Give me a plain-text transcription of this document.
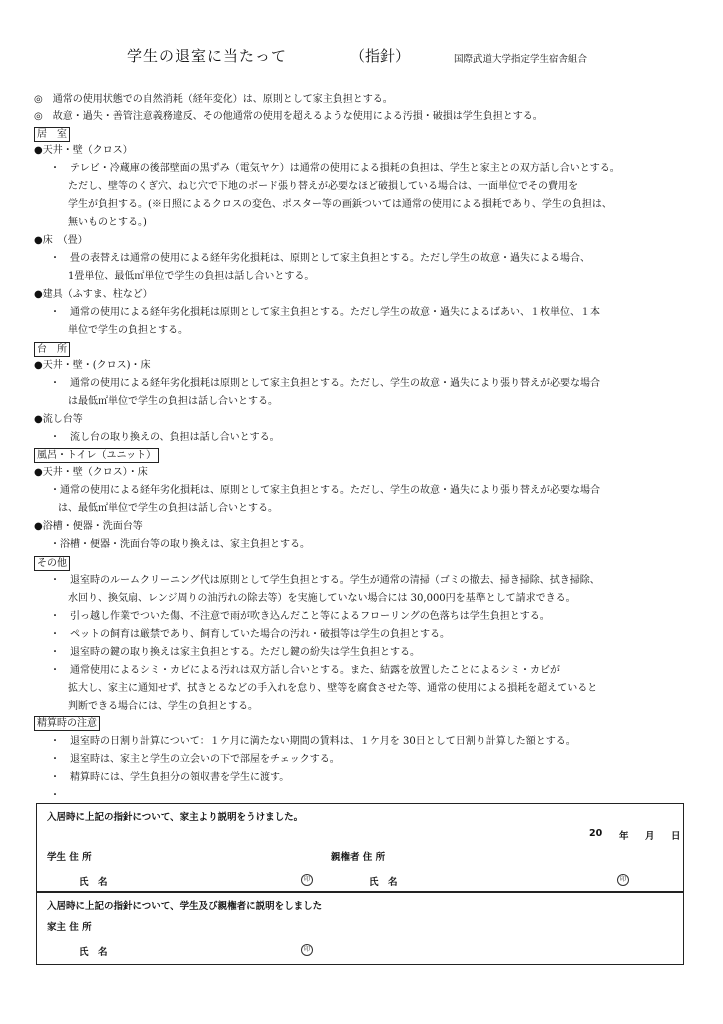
学生の退室に当たって	（指針）	国際武道大学指定学生宿舎組合
◎　通常の使用状態での自然消耗（経年変化）は、原則として家主負担とする。
◎　故意・過失・善管注意義務違反、その他通常の使用を超えるような使用による汚損・破損は学生負担とする。
居　室
●天井・壁（クロス）
・　テレビ・冷蔵庫の後部壁面の黒ずみ（電気ヤケ）は通常の使用による損耗の負担は、学生と家主との双方話し合いとする。
ただし、壁等のくぎ穴、ねじ穴で下地のボード張り替えが必要なほど破損している場合は、一面単位でその費用を
学生が負担する。(※日照によるクロスの変色、ポスター等の画鋲ついては通常の使用による損耗であり、学生の負担は、
無いものとする。)
●床　（畳）
・　畳の表替えは通常の使用による経年劣化損耗は、原則として家主負担とする。ただし学生の故意・過失による場合、
1畳単位、最低㎡単位で学生の負担は話し合いとする。
●建具（ふすま、柱など）
・　通常の使用による経年劣化損耗は原則として家主負担とする。ただし学生の故意・過失によるばあい、１枚単位、１本
単位で学生の負担とする。
台　所
●天井・壁・(クロス)・床
・　通常の使用による経年劣化損耗は原則として家主負担とする。ただし、学生の故意・過失により張り替えが必要な場合
は最低㎡単位で学生の負担は話し合いとする。
●流し台等
・　流し台の取り換えの、負担は話し合いとする。
風呂・トイレ（ユニット）
●天井・壁（クロス）・床
・通常の使用による経年劣化損耗は、原則として家主負担とする。ただし、学生の故意・過失により張り替えが必要な場合
は、最低㎡単位で学生の負担は話し合いとする。
●浴槽・便器・洗面台等
・浴槽・便器・洗面台等の取り換えは、家主負担とする。
その他
・　退室時のルームクリーニング代は原則として学生負担とする。学生が通常の清掃（ゴミの撤去、掃き掃除、拭き掃除、
水回り、換気扇、レンジ周りの油汚れの除去等）を実施していない場合には 30,000円を基準として請求できる。
・　引っ越し作業でついた傷、不注意で雨が吹き込んだこと等によるフローリングの色落ちは学生負担とする。
・　ペットの飼育は厳禁であり、飼育していた場合の汚れ・破損等は学生の負担とする。
・　退室時の鍵の取り換えは家主負担とする。ただし鍵の紛失は学生負担とする。
・　通常使用によるシミ・カビによる汚れは双方話し合いとする。また、結露を放置したことによるシミ・カビが
拡大し、家主に通知せず、拭きとるなどの手入れを怠り、壁等を腐食させた等、通常の使用による損耗を超えていると
判断できる場合には、学生の負担とする。
精算時の注意
・　退室時の日割り計算について：１ケ月に満たない期間の賃料は、１ケ月を 30日として日割り計算した額とする。
・　退室時は、家主と学生の立会いの下で部屋をチェックする。
・　精算時には、学生負担分の領収書を学生に渡す。
・
入居時に上記の指針について、家主より説明をうけました。
20 年 月 日
学生 住 所	親権者 住 所
氏　名	印	氏　名	印
入居時に上記の指針について、学生及び親権者に説明をしました
家主 住 所
氏　名	印
